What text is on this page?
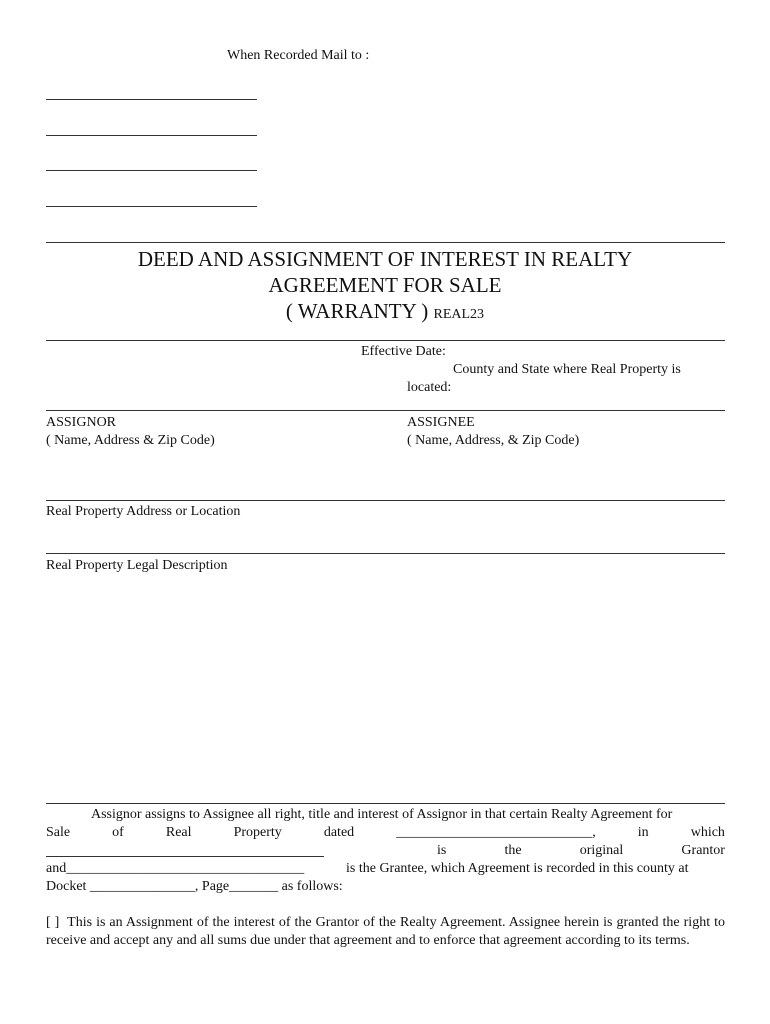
When Recorded Mail to :
DEED AND ASSIGNMENT OF INTEREST IN REALTY
AGREEMENT FOR SALE
( WARRANTY ) REAL23
Effective Date:
County and State where Real Property is
located:
ASSIGNOR
( Name, Address & Zip Code)
ASSIGNEE
( Name, Address, & Zip Code)
Real Property Address or Location
Real Property Legal Description
Assignor assigns to Assignee all right, title and interest of Assignor in that certain Realty Agreement for
Sale	of	Real	Property	dated	____________________________,	in	which
is	the	original	Grantor
and__________________________________	is the Grantee, which Agreement is recorded in this county at
Docket _______________, Page_______ as follows:
[ ] This is an Assignment of the interest of the Grantor of the Realty Agreement. Assignee herein is granted the right to receive and accept any and all sums due under that agreement and to enforce that agreement according to its terms.
